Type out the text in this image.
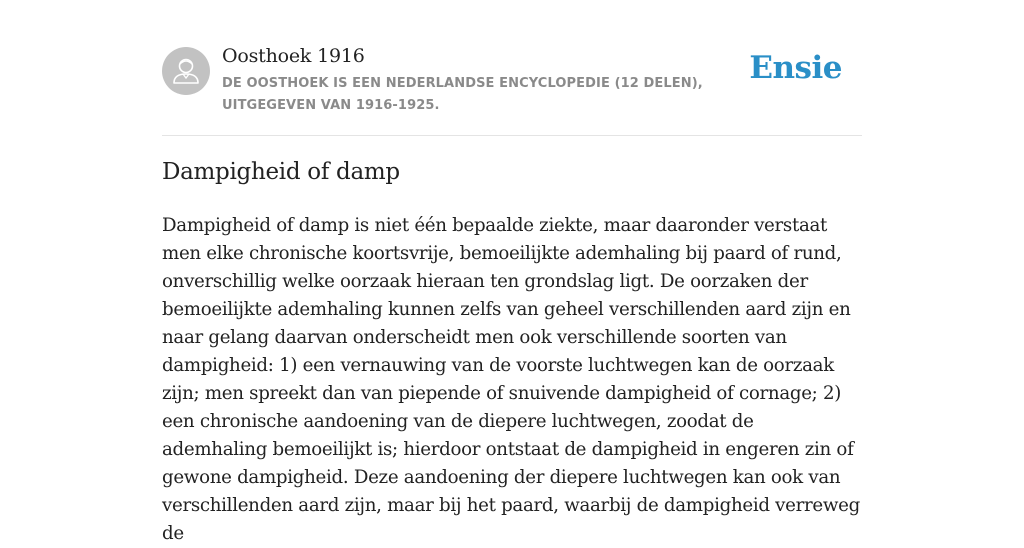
Oosthoek 1916
DE OOSTHOEK IS EEN NEDERLANDSE ENCYCLOPEDIE (12 DELEN), UITGEGEVEN VAN 1916-1925.
Ensie
Dampigheid of damp

Dampigheid of damp is niet één bepaalde ziekte, maar daaronder verstaat men elke chronische koortsvrije, bemoeilijkte ademhaling bij paard of rund, onverschillig welke oorzaak hieraan ten grondslag ligt. De oorzaken der bemoeilijkte ademhaling kunnen zelfs van geheel verschillenden aard zijn en naar gelang daarvan onderscheidt men ook verschillende soorten van dampigheid: 1) een vernauwing van de voorste luchtwegen kan de oorzaak zijn; men spreekt dan van piepende of snuivende dampigheid of cornage; 2) een chronische aandoening van de diepere luchtwegen, zoodat de ademhaling bemoeilijkt is; hierdoor ontstaat de dampigheid in engeren zin of gewone dampigheid. Deze aandoening der diepere luchtwegen kan ook van verschillenden aard zijn, maar bij het paard, waarbij de dampigheid verreweg de
